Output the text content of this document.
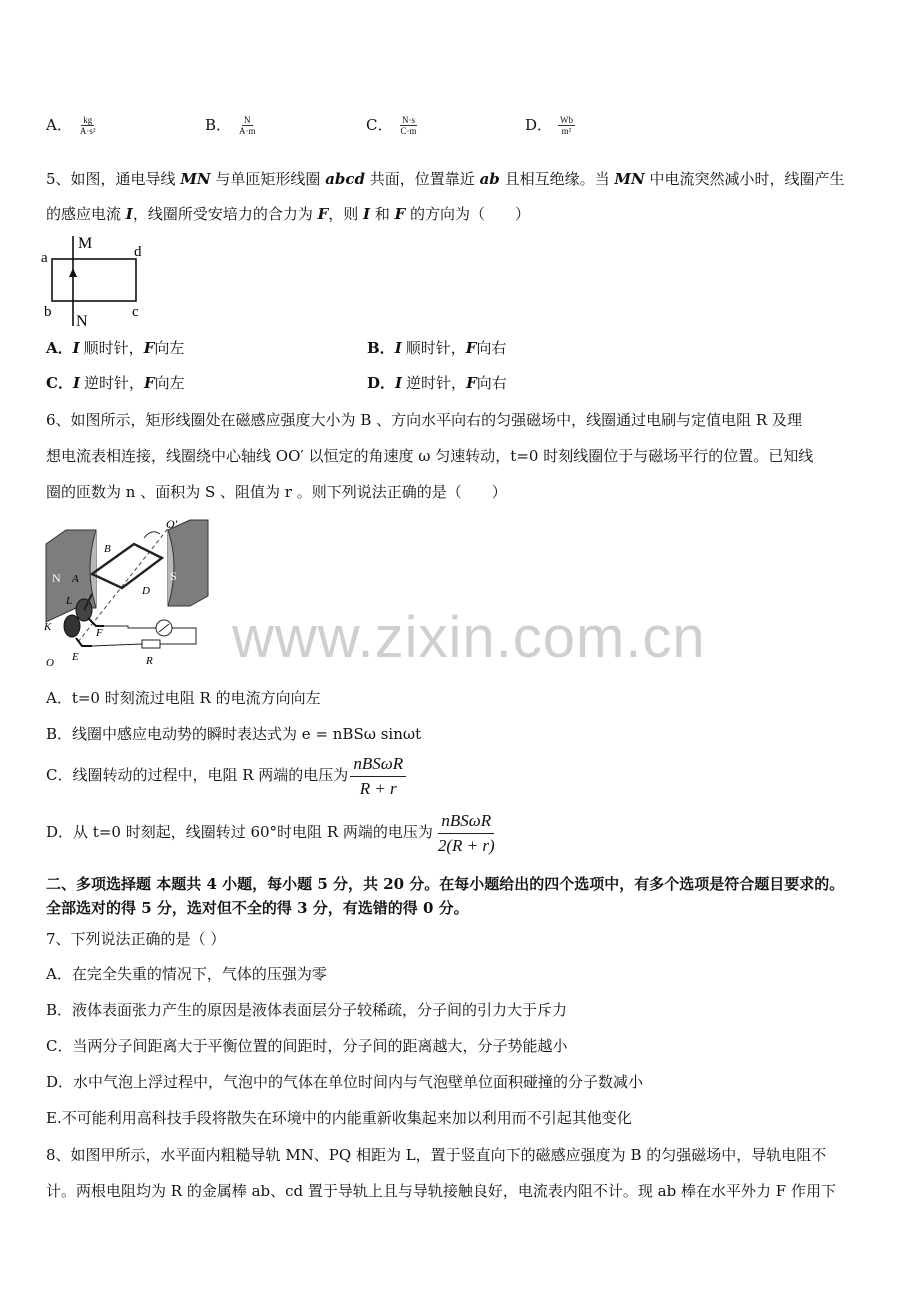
A． $\frac{kg}{\text{A·s²}}$	B． $\frac{N}{A\cdot m}$	C． $\frac{N\cdot s}{C\cdot m}$	D． $\frac{Wb}{\text{m²}}$
5、如图，通电导线 MN 与单匝矩形线圈 abcd 共面，位置靠近 ab 且相互绝缘。当 MN 中电流突然减小时，线圈产生
的感应电流 I，线圈所受安培力的合力为 F，则 I 和 F 的方向为（　　）
M
N
a
b	c
d
A．I 顺时针，F向左	B．I 顺时针，F向右
C．I 逆时针，F向左	D．I 逆时针，F向右
6、如图所示，矩形线圈处在磁感应强度大小为 B 、方向水平向右的匀强磁场中，线圈通过电刷与定值电阻 R 及理
想电流表相连接，线圈绕中心轴线 OO′ 以恒定的角速度 ω 匀速转动，t=0 时刻线圈位于与磁场平行的位置。已知线
圈的匝数为 n 、面积为 S 、阻值为 r 。则下列说法正确的是（　　）
O′
B
N	S
A
D
L
F
K
E
O	R www.zixin.com.cn
A．t=0 时刻流过电阻 R 的电流方向向左
B．线圈中感应电动势的瞬时表达式为 e = nBSω sinωt
C．线圈转动的过程中，电阻 R 两端的电压为
nBSωR
R + r
D．从 t=0 时刻起，线圈转过 60°时电阻 R 两端的电压为
nBSωR
2(R + r)
二、多项选择题 本题共 4 小题，每小题 5 分，共 20 分。在每小题给出的四个选项中，有多个选项是符合题目要求的。
全部选对的得 5 分，选对但不全的得 3 分，有选错的得 0 分。
7、下列说法正确的是（ ）
A．在完全失重的情况下，气体的压强为零
B．液体表面张力产生的原因是液体表面层分子较稀疏，分子间的引力大于斥力
C．当两分子间距离大于平衡位置的间距时，分子间的距离越大，分子势能越小
D．水中气泡上浮过程中，气泡中的气体在单位时间内与气泡壁单位面积碰撞的分子数减小
E.不可能利用高科技手段将散失在环境中的内能重新收集起来加以利用而不引起其他变化
8、如图甲所示，水平面内粗糙导轨 MN、PQ 相距为 L，置于竖直向下的磁感应强度为 B 的匀强磁场中，导轨电阻不
计。两根电阻均为 R 的金属棒 ab、cd 置于导轨上且与导轨接触良好，电流表内阻不计。现 ab 棒在水平外力 F 作用下
